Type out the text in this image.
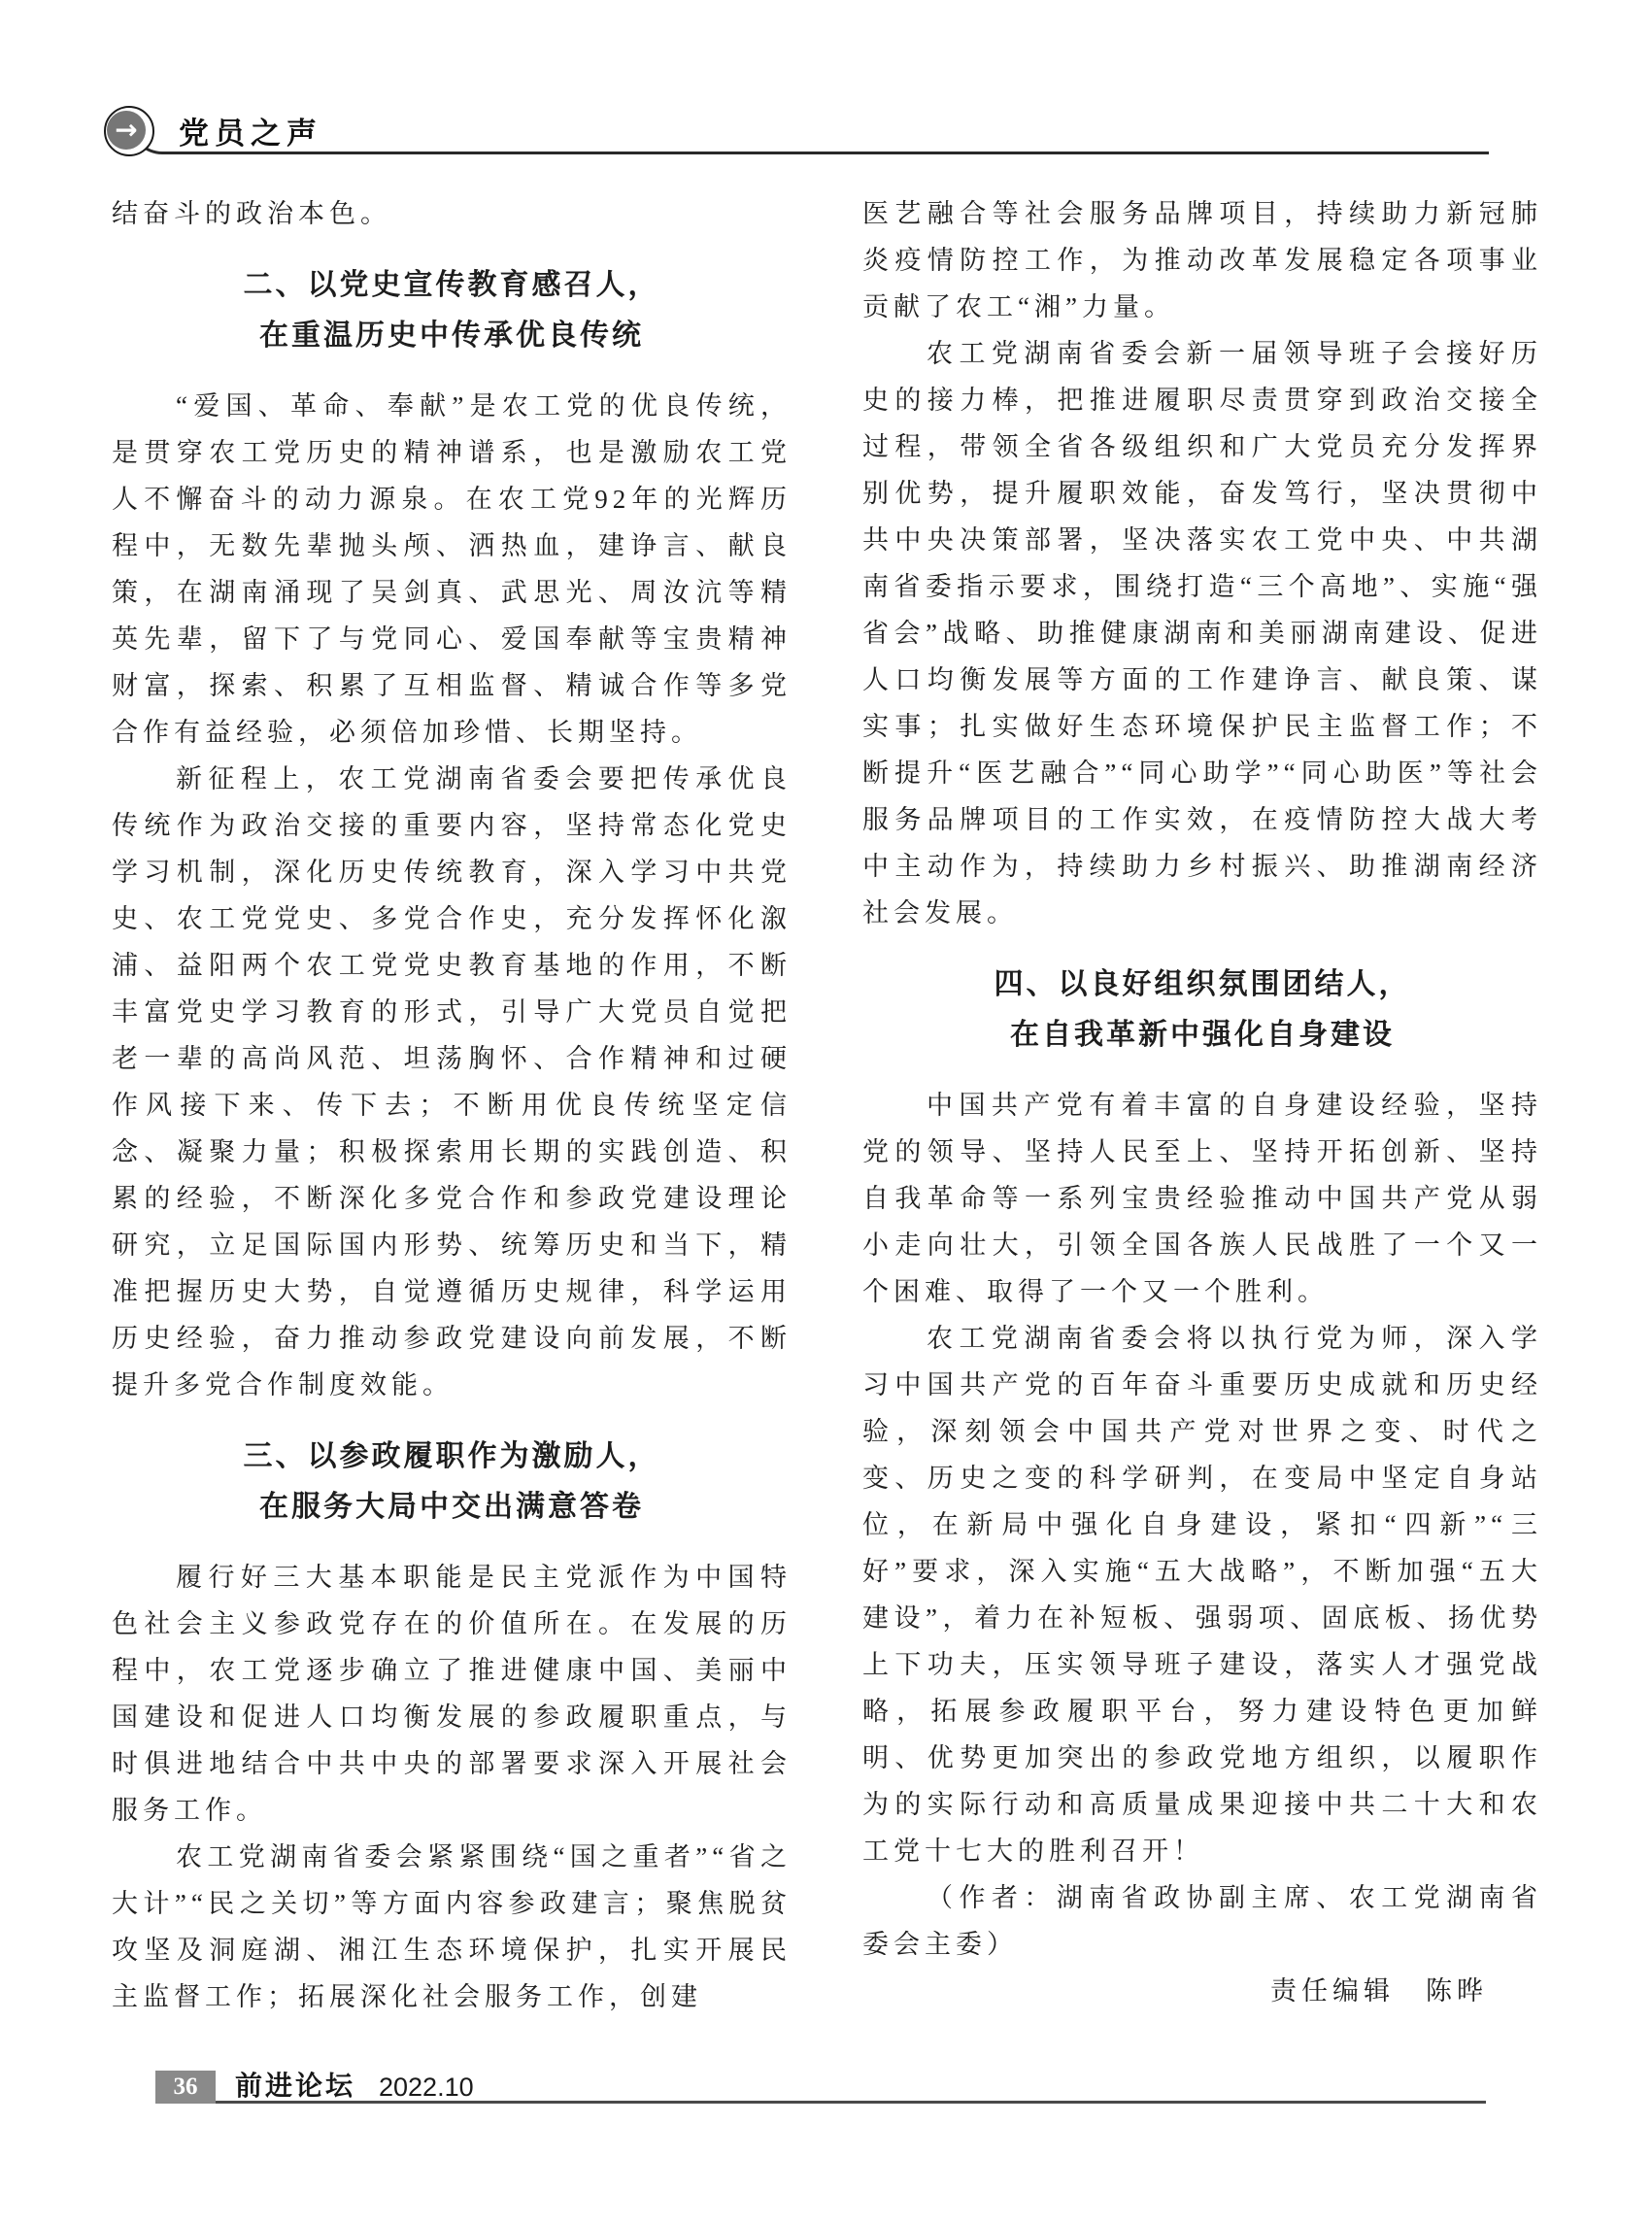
→ 党员之声

结奋斗的政治本色。

二、以党史宣传教育感召人，
在重温历史中传承优良传统

“爱国、革命、奉献”是农工党的优良传统，是贯穿农工党历史的精神谱系，也是激励农工党人不懈奋斗的动力源泉。在农工党92年的光辉历程中，无数先辈抛头颅、洒热血，建诤言、献良策，在湖南涌现了吴剑真、武思光、周汝沆等精英先辈，留下了与党同心、爱国奉献等宝贵精神财富，探索、积累了互相监督、精诚合作等多党合作有益经验，必须倍加珍惜、长期坚持。

新征程上，农工党湖南省委会要把传承优良传统作为政治交接的重要内容，坚持常态化党史学习机制，深化历史传统教育，深入学习中共党史、农工党党史、多党合作史，充分发挥怀化溆浦、益阳两个农工党党史教育基地的作用，不断丰富党史学习教育的形式，引导广大党员自觉把老一辈的高尚风范、坦荡胸怀、合作精神和过硬作风接下来、传下去；不断用优良传统坚定信念、凝聚力量；积极探索用长期的实践创造、积累的经验，不断深化多党合作和参政党建设理论研究，立足国际国内形势、统筹历史和当下，精准把握历史大势，自觉遵循历史规律，科学运用历史经验，奋力推动参政党建设向前发展，不断提升多党合作制度效能。

三、以参政履职作为激励人，
在服务大局中交出满意答卷

履行好三大基本职能是民主党派作为中国特色社会主义参政党存在的价值所在。在发展的历程中，农工党逐步确立了推进健康中国、美丽中国建设和促进人口均衡发展的参政履职重点，与时俱进地结合中共中央的部署要求深入开展社会服务工作。

农工党湖南省委会紧紧围绕“国之重者”“省之大计”“民之关切”等方面内容参政建言；聚焦脱贫攻坚及洞庭湖、湘江生态环境保护，扎实开展民主监督工作；拓展深化社会服务工作，创建

医艺融合等社会服务品牌项目，持续助力新冠肺炎疫情防控工作，为推动改革发展稳定各项事业贡献了农工“湘”力量。

农工党湖南省委会新一届领导班子会接好历史的接力棒，把推进履职尽责贯穿到政治交接全过程，带领全省各级组织和广大党员充分发挥界别优势，提升履职效能，奋发笃行，坚决贯彻中共中央决策部署，坚决落实农工党中央、中共湖南省委指示要求，围绕打造“三个高地”、实施“强省会”战略、助推健康湖南和美丽湖南建设、促进人口均衡发展等方面的工作建诤言、献良策、谋实事；扎实做好生态环境保护民主监督工作；不断提升“医艺融合”“同心助学”“同心助医”等社会服务品牌项目的工作实效，在疫情防控大战大考中主动作为，持续助力乡村振兴、助推湖南经济社会发展。

四、以良好组织氛围团结人，
在自我革新中强化自身建设

中国共产党有着丰富的自身建设经验，坚持党的领导、坚持人民至上、坚持开拓创新、坚持自我革命等一系列宝贵经验推动中国共产党从弱小走向壮大，引领全国各族人民战胜了一个又一个困难、取得了一个又一个胜利。

农工党湖南省委会将以执行党为师，深入学习中国共产党的百年奋斗重要历史成就和历史经验，深刻领会中国共产党对世界之变、时代之变、历史之变的科学研判，在变局中坚定自身站位，在新局中强化自身建设，紧扣“四新”“三好”要求，深入实施“五大战略”，不断加强“五大建设”，着力在补短板、强弱项、固底板、扬优势上下功夫，压实领导班子建设，落实人才强党战略，拓展参政履职平台，努力建设特色更加鲜明、优势更加突出的参政党地方组织，以履职作为的实际行动和高质量成果迎接中共二十大和农工党十七大的胜利召开！

（作者：湖南省政协副主席、农工党湖南省委会主委）

责任编辑　陈晔

36	前进论坛 2022.10
